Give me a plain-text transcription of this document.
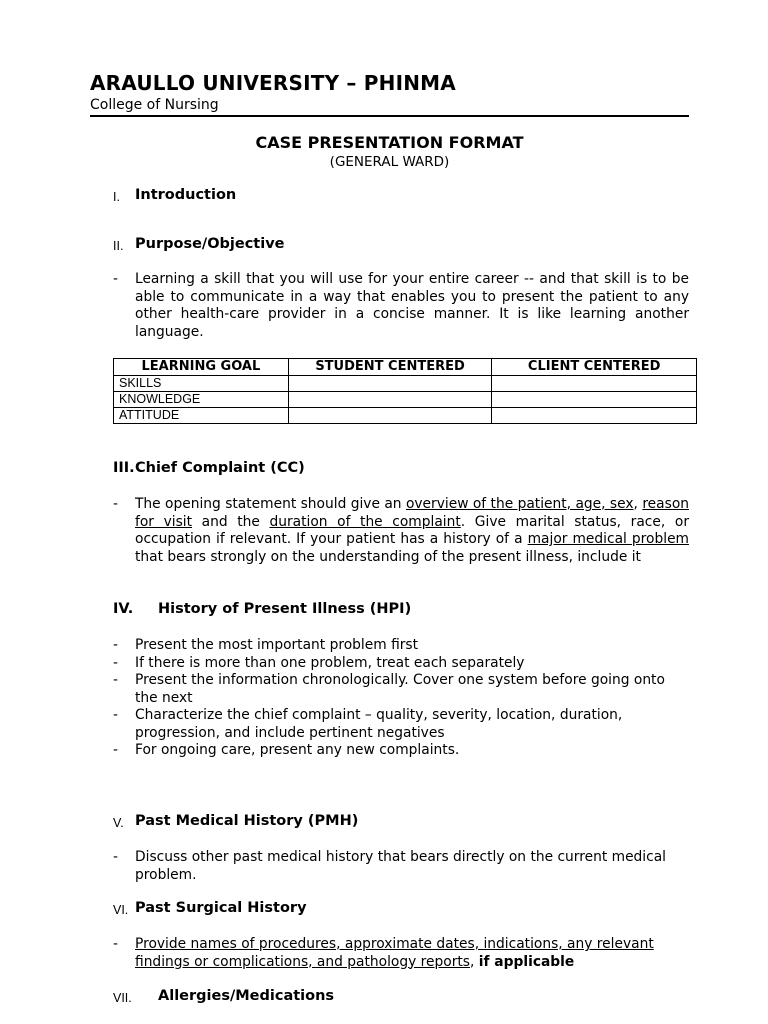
ARAULLO UNIVERSITY – PHINMA
College of Nursing
CASE PRESENTATION FORMAT
(GENERAL WARD)
I. Introduction
II. Purpose/Objective
- Learning a skill that you will use for your entire career -- and that skill is to be able to communicate in a way that enables you to present the patient to any other health-care provider in a concise manner. It is like learning another language.
LEARNING GOAL	STUDENT CENTERED	CLIENT CENTERED
SKILLS		
KNOWLEDGE		
ATTITUDE		
III. Chief Complaint (CC)
- The opening statement should give an overview of the patient, age, sex, reason for visit and the duration of the complaint. Give marital status, race, or occupation if relevant. If your patient has a history of a major medical problem that bears strongly on the understanding of the present illness, include it
IV. History of Present Illness (HPI)
- Present the most important problem first
- If there is more than one problem, treat each separately
- Present the information chronologically. Cover one system before going onto the next
- Characterize the chief complaint – quality, severity, location, duration, progression, and include pertinent negatives
- For ongoing care, present any new complaints.
V. Past Medical History (PMH)
- Discuss other past medical history that bears directly on the current medical problem.
VI. Past Surgical History
- Provide names of procedures, approximate dates, indications, any relevant findings or complications, and pathology reports, if applicable
VII. Allergies/Medications
